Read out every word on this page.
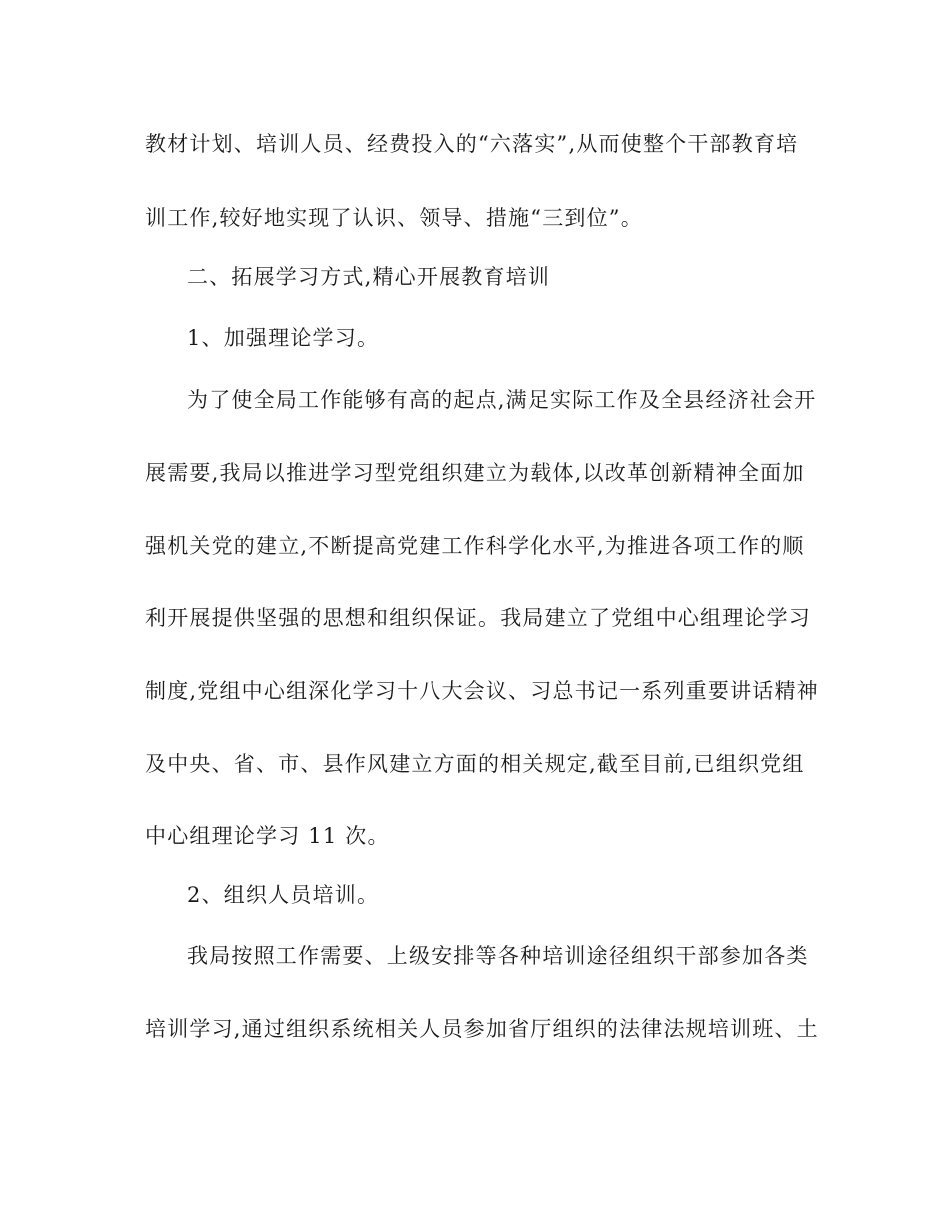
教材计划、培训人员、经费投入的“六落实”,从而使整个干部教育培
训工作,较好地实现了认识、领导、措施“三到位”。
二、拓展学习方式,精心开展教育培训
1、加强理论学习。
为了使全局工作能够有高的起点,满足实际工作及全县经济社会开
展需要,我局以推进学习型党组织建立为载体,以改革创新精神全面加
强机关党的建立,不断提高党建工作科学化水平,为推进各项工作的顺
利开展提供坚强的思想和组织保证。我局建立了党组中心组理论学习
制度,党组中心组深化学习十八大会议、习总书记一系列重要讲话精神
及中央、省、市、县作风建立方面的相关规定,截至目前,已组织党组
中心组理论学习 11 次。
2、组织人员培训。
我局按照工作需要、上级安排等各种培训途径组织干部参加各类
培训学习,通过组织系统相关人员参加省厅组织的法律法规培训班、土
